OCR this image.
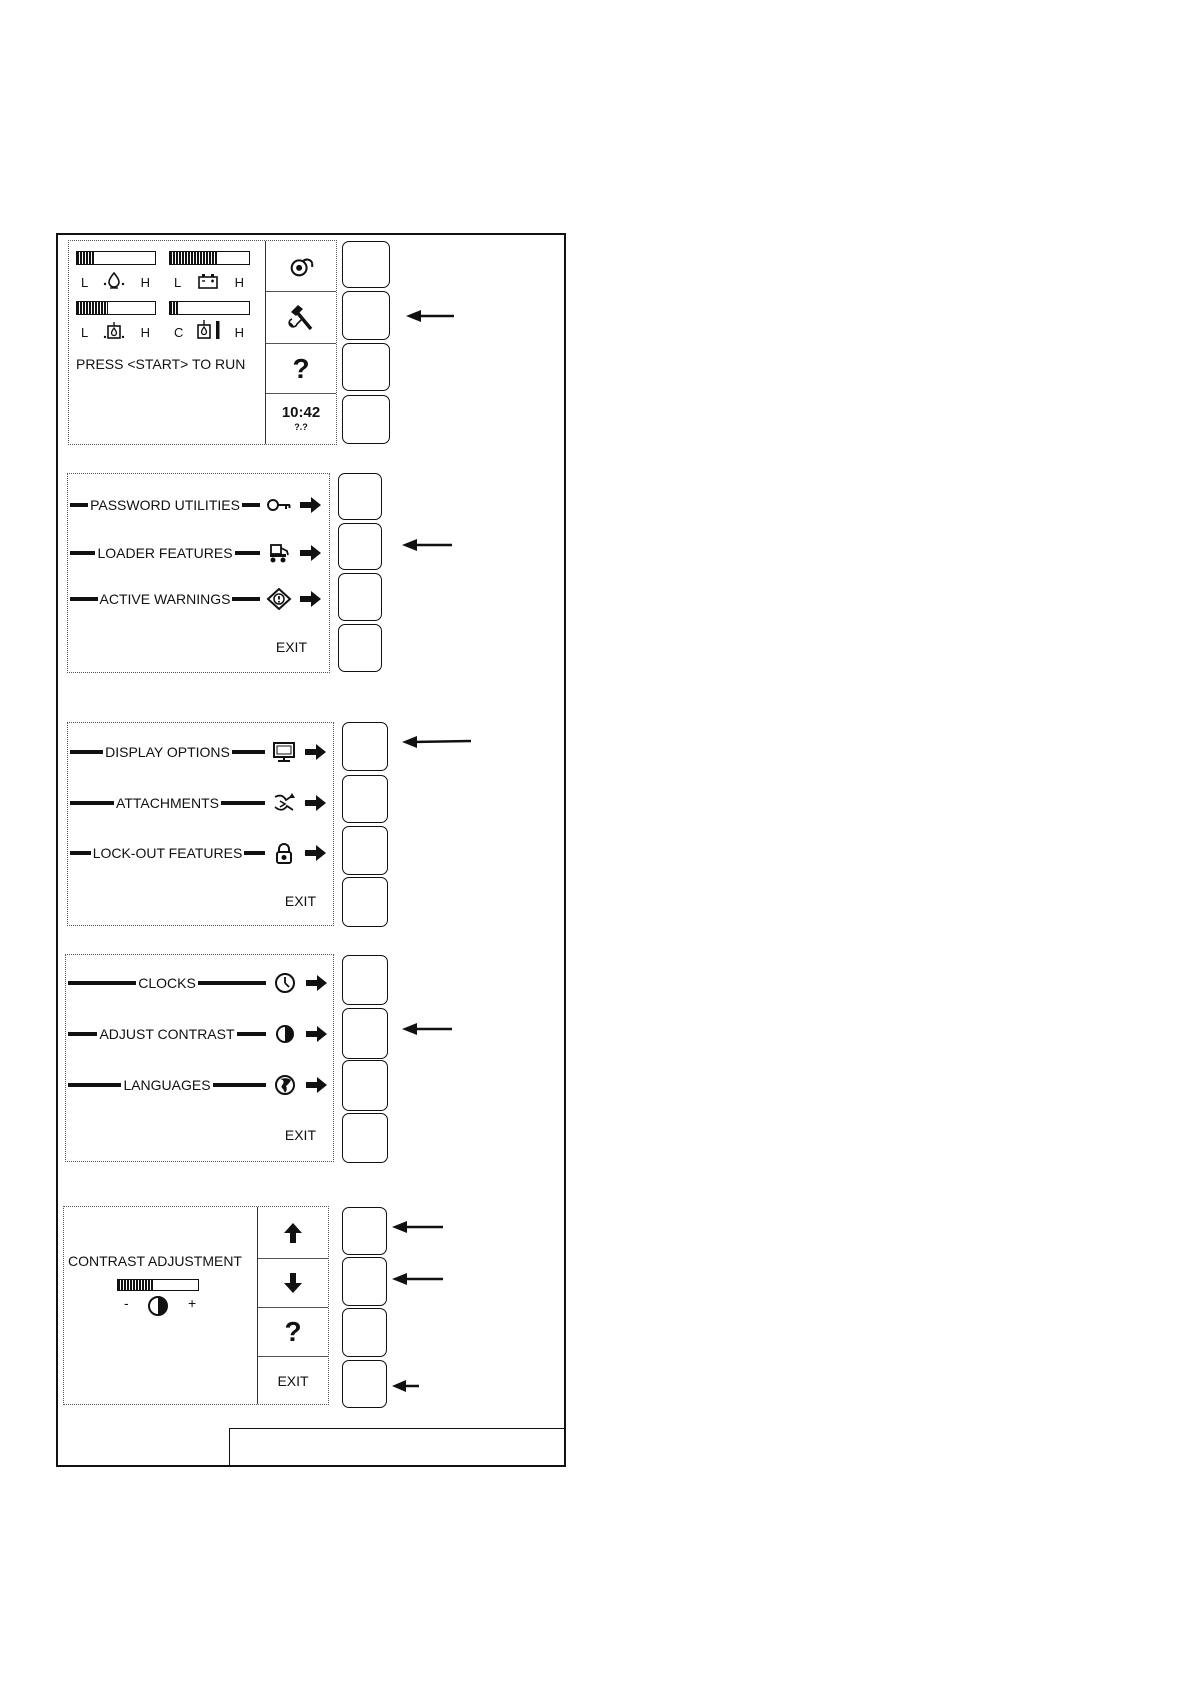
L	H	L	H
L	H	C	H
PRESS <START> TO RUN ?
10:42
?.?
PASSWORD UTILITIES
LOADER FEATURES
ACTIVE WARNINGS
EXIT
DISPLAY OPTIONS
ATTACHMENTS
LOCK-OUT FEATURES
EXIT
CLOCKS
ADJUST CONTRAST
LANGUAGES
EXIT
CONTRAST ADJUSTMENT
-	+
?
EXIT
